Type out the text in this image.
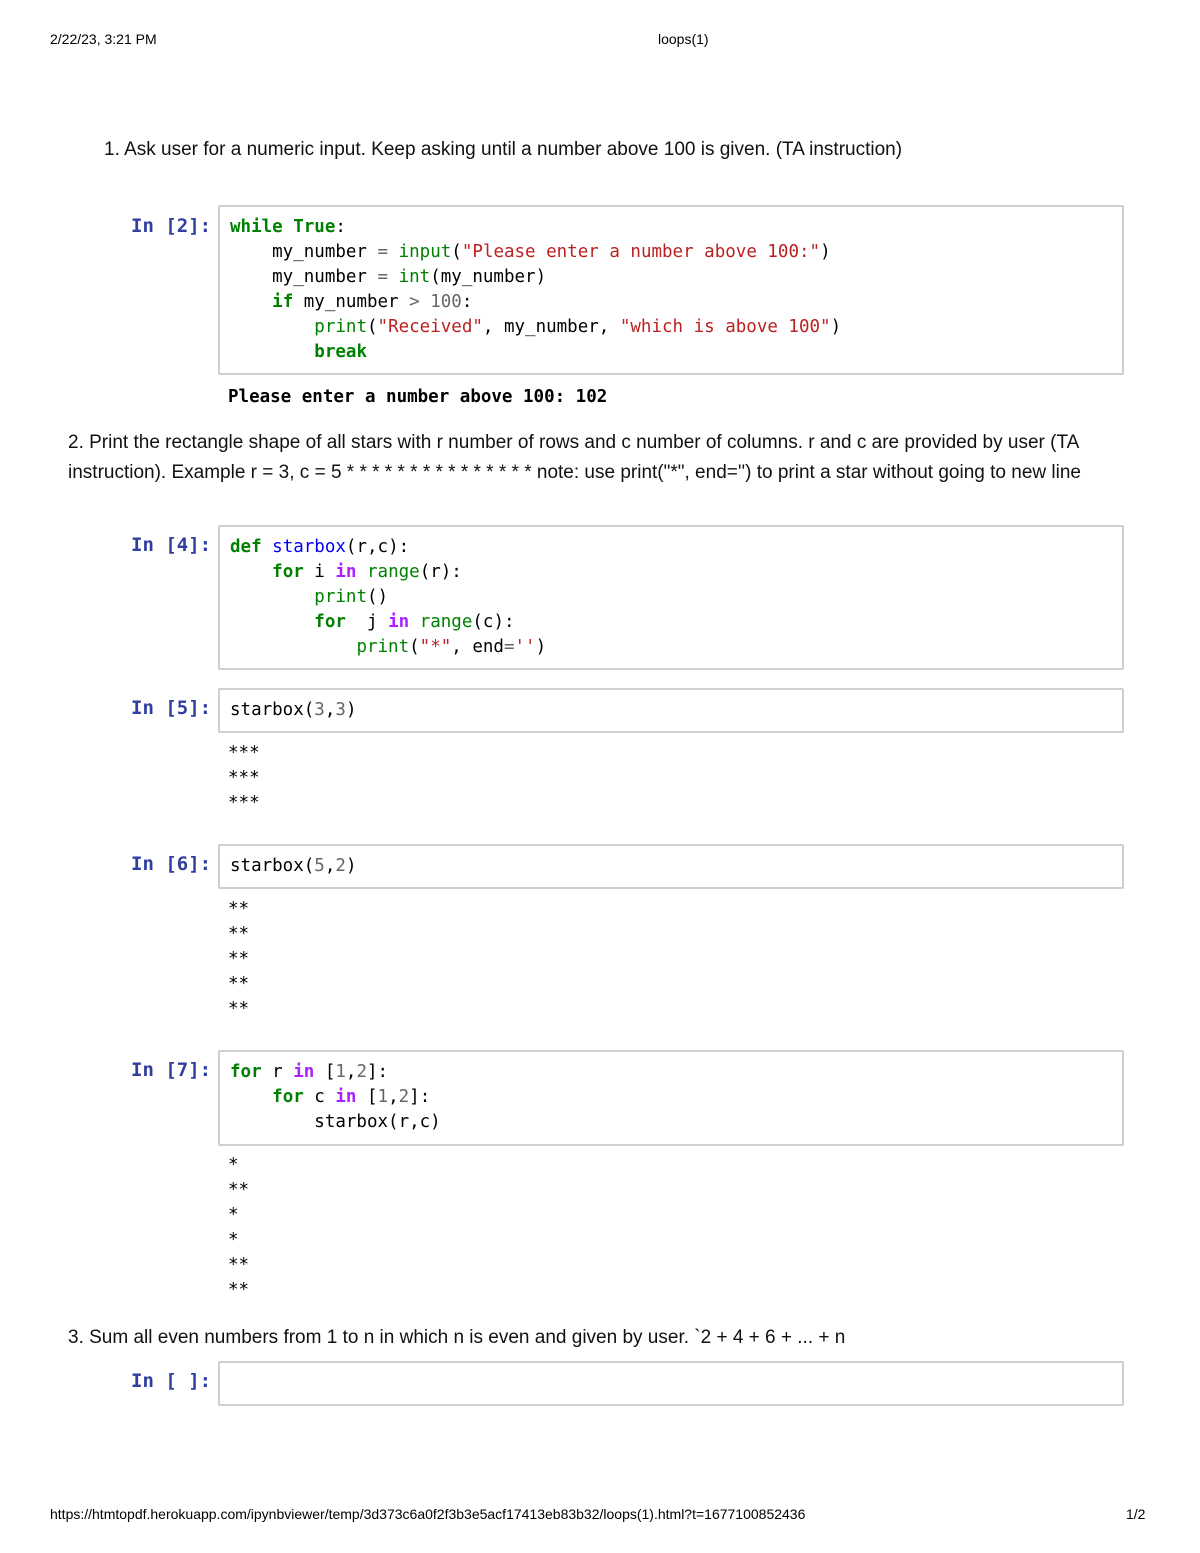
2/22/23, 3:21 PM	loops(1)
1. Ask user for a numeric input. Keep asking until a number above 100 is given. (TA instruction)
In [2]:	while True:
my_number = input("Please enter a number above 100:")
my_number = int(my_number)
if my_number > 100:
print("Received", my_number, "which is above 100")
break
Please enter a number above 100: 102
2. Print the rectangle shape of all stars with r number of rows and c number of columns. r and c are provided by user (TA instruction). Example r = 3, c = 5 * * * * * * * * * * * * * * * note: use print("*", end='') to print a star without going to new line
In [4]:	def starbox(r,c):
for i in range(r):
print()
for  j in range(c):
print("*", end='')
In [5]:	starbox(3,3)
***
***
***
In [6]:	starbox(5,2)
**
**
**
**
**
In [7]:	for r in [1,2]:
for c in [1,2]:
starbox(r,c)
*
**
*
*
**
**
3. Sum all even numbers from 1 to n in which n is even and given by user. `2 + 4 + 6 + ... + n
In [ ]:

https://htmtopdf.herokuapp.com/ipynbviewer/temp/3d373c6a0f2f3b3e5acf17413eb83b32/loops(1).html?t=1677100852436	1/2
